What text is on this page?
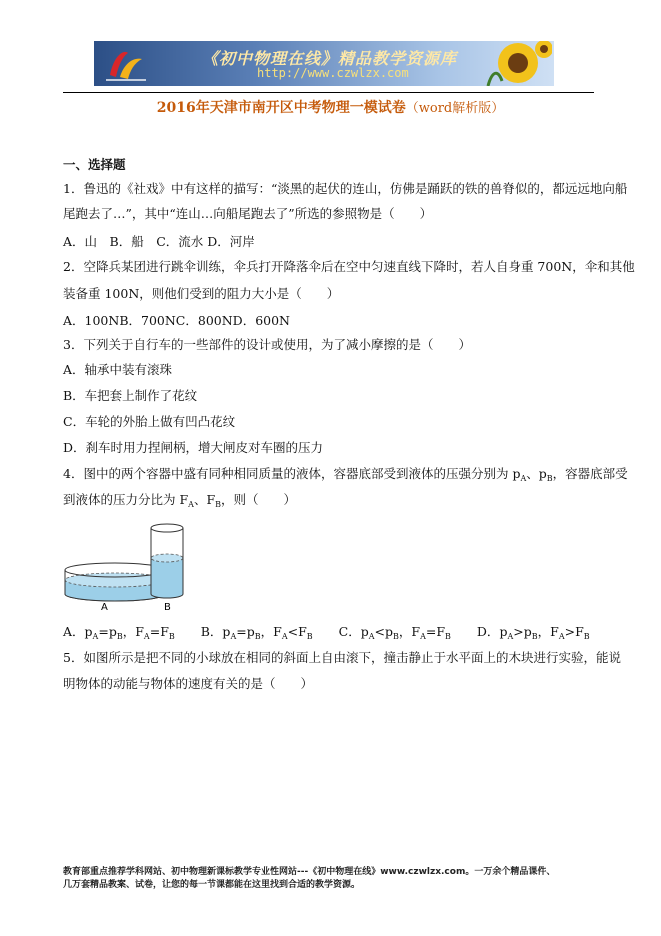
《初中物理在线》精品教学资源库
http://www.czwlzx.com
2016年天津市南开区中考物理一模试卷（word解析版）
一、选择题
1．鲁迅的《社戏》中有这样的描写：“淡黑的起伏的连山，仿佛是踊跃的铁的兽脊似的，都远远地向船
尾跑去了…”，其中“连山…向船尾跑去了”所选的参照物是（　　）
A．山　B．船　C．流水 D．河岸
2．空降兵某团进行跳伞训练，伞兵打开降落伞后在空中匀速直线下降时，若人自身重 700N，伞和其他
装备重 100N，则他们受到的阻力大小是（　　）
A．100NB．700NC．800ND．600N
3．下列关于自行车的一些部件的设计或使用，为了减小摩擦的是（　　）
A．轴承中装有滚珠
B．车把套上制作了花纹
C．车轮的外胎上做有凹凸花纹
D．刹车时用力捏闸柄，增大闸皮对车圈的压力
4．图中的两个容器中盛有同种相同质量的液体，容器底部受到液体的压强分别为 $p_A$、$p_B$，容器底部受
到液体的压力分比为 $F_A$、$F_B$，则（　　）
A	B
A．$p_A=p_B$，$F_A=F_B$ B．$p_A=p_B$，$F_A<F_B$ C．$p_A<p_B$，$F_A=F_B$ D．$p_A>p_B$，$F_A>F_B$
5．如图所示是把不同的小球放在相同的斜面上自由滚下，撞击静止于水平面上的木块进行实验，能说
明物体的动能与物体的速度有关的是（　　）
教育部重点推荐学科网站、初中物理新课标教学专业性网站---《初中物理在线》www.czwlzx.com。一万余个精品课件、
几万套精品教案、试卷，让您的每一节课都能在这里找到合适的教学资源。
